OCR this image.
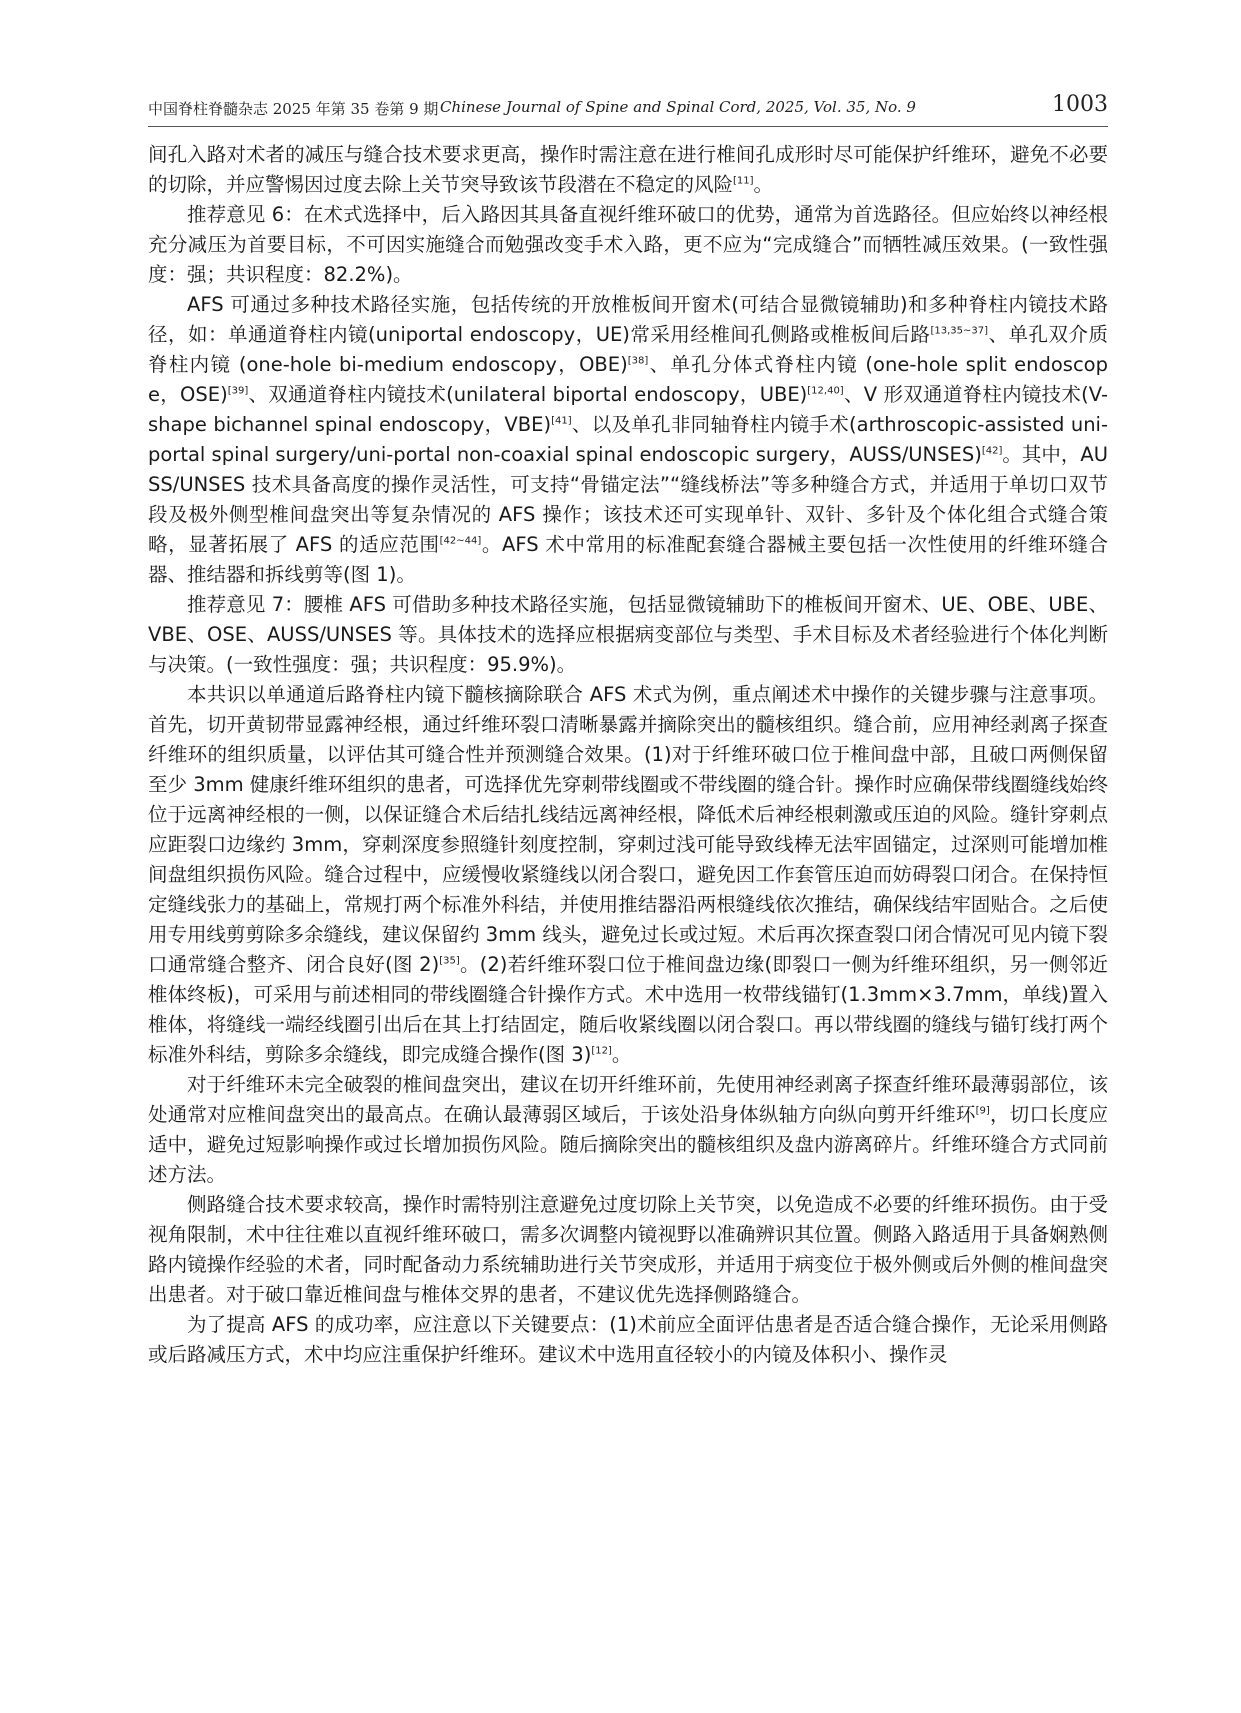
中国脊柱脊髓杂志 2025 年第 35 卷第 9 期 Chinese Journal of Spine and Spinal Cord, 2025, Vol. 35, No. 9	1003

间孔入路对术者的减压与缝合技术要求更高，操作时需注意在进行椎间孔成形时尽可能保护纤维环，避免不必要的切除，并应警惕因过度去除上关节突导致该节段潜在不稳定的风险[11]。

推荐意见 6：在术式选择中，后入路因其具备直视纤维环破口的优势，通常为首选路径。但应始终以神经根充分减压为首要目标，不可因实施缝合而勉强改变手术入路，更不应为“完成缝合”而牺牲减压效果。(一致性强度：强；共识程度：82.2%)。

AFS 可通过多种技术路径实施，包括传统的开放椎板间开窗术(可结合显微镜辅助)和多种脊柱内镜技术路径，如：单通道脊柱内镜(uniportal endoscopy，UE)常采用经椎间孔侧路或椎板间后路[13,35~37]、单孔双介质脊柱内镜 (one-hole bi-medium endoscopy，OBE)[38]、单孔分体式脊柱内镜 (one-hole split endoscope，OSE)[39]、双通道脊柱内镜技术(unilateral biportal endoscopy，UBE)[12,40]、V 形双通道脊柱内镜技术(V-shape bichannel spinal endoscopy，VBE)[41]、以及单孔非同轴脊柱内镜手术(arthroscopic-assisted uni-portal spinal surgery/uni-portal non-coaxial spinal endoscopic surgery，AUSS/UNSES)[42]。其中，AUSS/UNSES 技术具备高度的操作灵活性，可支持“骨锚定法”“缝线桥法”等多种缝合方式，并适用于单切口双节段及极外侧型椎间盘突出等复杂情况的 AFS 操作；该技术还可实现单针、双针、多针及个体化组合式缝合策略，显著拓展了 AFS 的适应范围[42~44]。AFS 术中常用的标准配套缝合器械主要包括一次性使用的纤维环缝合器、推结器和拆线剪等(图 1)。

推荐意见 7：腰椎 AFS 可借助多种技术路径实施，包括显微镜辅助下的椎板间开窗术、UE、OBE、UBE、VBE、OSE、AUSS/UNSES 等。具体技术的选择应根据病变部位与类型、手术目标及术者经验进行个体化判断与决策。(一致性强度：强；共识程度：95.9%)。

本共识以单通道后路脊柱内镜下髓核摘除联合 AFS 术式为例，重点阐述术中操作的关键步骤与注意事项。首先，切开黄韧带显露神经根，通过纤维环裂口清晰暴露并摘除突出的髓核组织。缝合前，应用神经剥离子探查纤维环的组织质量，以评估其可缝合性并预测缝合效果。(1)对于纤维环破口位于椎间盘中部，且破口两侧保留至少 3mm 健康纤维环组织的患者，可选择优先穿刺带线圈或不带线圈的缝合针。操作时应确保带线圈缝线始终位于远离神经根的一侧，以保证缝合术后结扎线结远离神经根，降低术后神经根刺激或压迫的风险。缝针穿刺点应距裂口边缘约 3mm，穿刺深度参照缝针刻度控制，穿刺过浅可能导致线棒无法牢固锚定，过深则可能增加椎间盘组织损伤风险。缝合过程中，应缓慢收紧缝线以闭合裂口，避免因工作套管压迫而妨碍裂口闭合。在保持恒定缝线张力的基础上，常规打两个标准外科结，并使用推结器沿两根缝线依次推结，确保线结牢固贴合。之后使用专用线剪剪除多余缝线，建议保留约 3mm 线头，避免过长或过短。术后再次探查裂口闭合情况可见内镜下裂口通常缝合整齐、闭合良好(图 2)[35]。(2)若纤维环裂口位于椎间盘边缘(即裂口一侧为纤维环组织，另一侧邻近椎体终板)，可采用与前述相同的带线圈缝合针操作方式。术中选用一枚带线锚钉(1.3mm×3.7mm，单线)置入椎体，将缝线一端经线圈引出后在其上打结固定，随后收紧线圈以闭合裂口。再以带线圈的缝线与锚钉线打两个标准外科结，剪除多余缝线，即完成缝合操作(图 3)[12]。

对于纤维环未完全破裂的椎间盘突出，建议在切开纤维环前，先使用神经剥离子探查纤维环最薄弱部位，该处通常对应椎间盘突出的最高点。在确认最薄弱区域后，于该处沿身体纵轴方向纵向剪开纤维环[9]，切口长度应适中，避免过短影响操作或过长增加损伤风险。随后摘除突出的髓核组织及盘内游离碎片。纤维环缝合方式同前述方法。

侧路缝合技术要求较高，操作时需特别注意避免过度切除上关节突，以免造成不必要的纤维环损伤。由于受视角限制，术中往往难以直视纤维环破口，需多次调整内镜视野以准确辨识其位置。侧路入路适用于具备娴熟侧路内镜操作经验的术者，同时配备动力系统辅助进行关节突成形，并适用于病变位于极外侧或后外侧的椎间盘突出患者。对于破口靠近椎间盘与椎体交界的患者，不建议优先选择侧路缝合。

为了提高 AFS 的成功率，应注意以下关键要点：(1)术前应全面评估患者是否适合缝合操作，无论采用侧路或后路减压方式，术中均应注重保护纤维环。建议术中选用直径较小的内镜及体积小、操作灵
